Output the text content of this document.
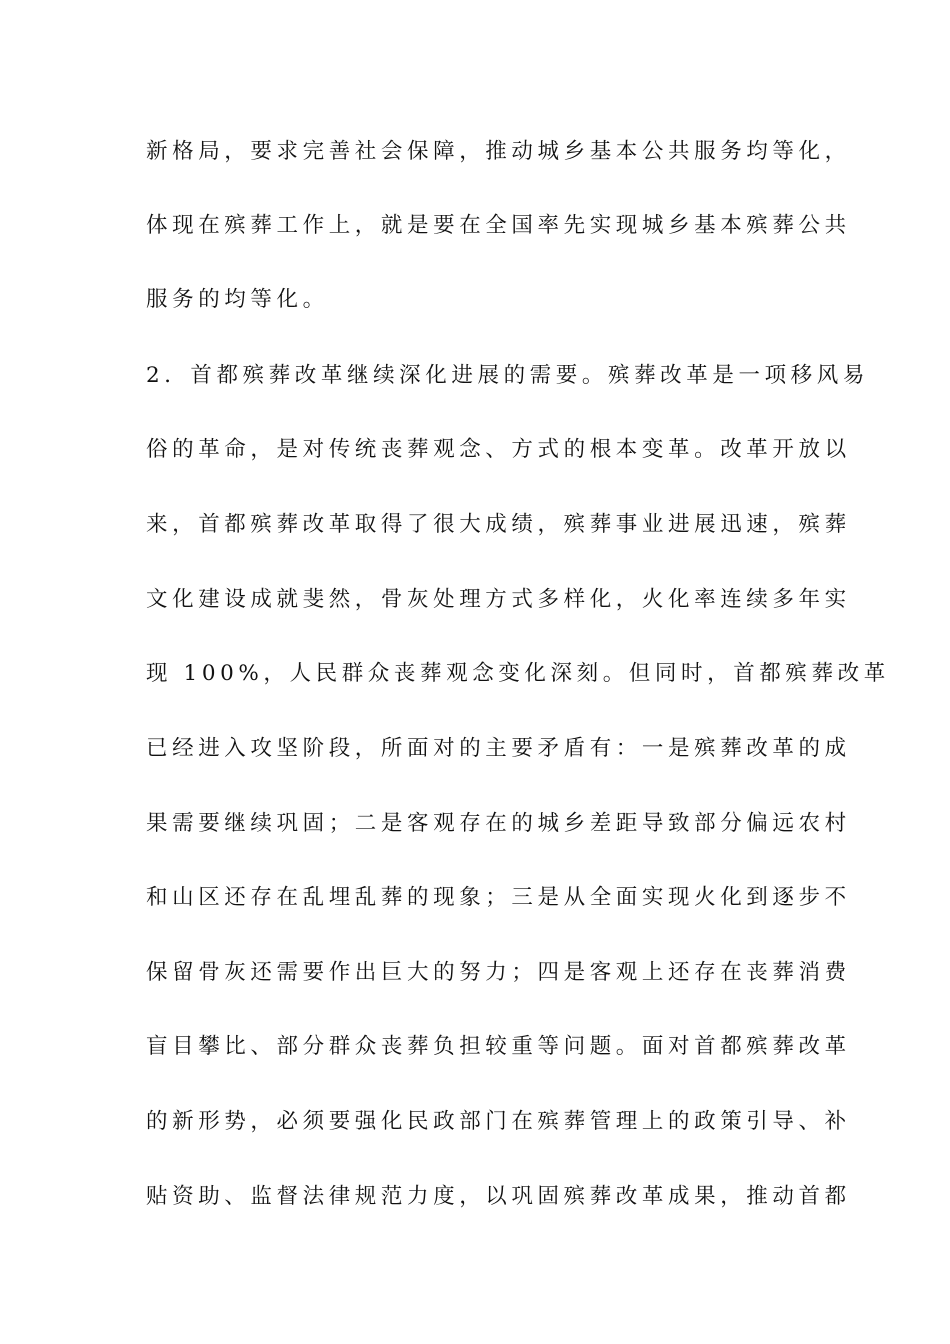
新格局，要求完善社会保障，推动城乡基本公共服务均等化，
体现在殡葬工作上，就是要在全国率先实现城乡基本殡葬公共
服务的均等化。
2．首都殡葬改革继续深化进展的需要。殡葬改革是一项移风易
俗的革命，是对传统丧葬观念、方式的根本变革。改革开放以
来，首都殡葬改革取得了很大成绩，殡葬事业进展迅速，殡葬
文化建设成就斐然，骨灰处理方式多样化，火化率连续多年实
现 100%，人民群众丧葬观念变化深刻。但同时，首都殡葬改革
已经进入攻坚阶段，所面对的主要矛盾有：一是殡葬改革的成
果需要继续巩固；二是客观存在的城乡差距导致部分偏远农村
和山区还存在乱埋乱葬的现象；三是从全面实现火化到逐步不
保留骨灰还需要作出巨大的努力；四是客观上还存在丧葬消费
盲目攀比、部分群众丧葬负担较重等问题。面对首都殡葬改革
的新形势，必须要强化民政部门在殡葬管理上的政策引导、补
贴资助、监督法律规范力度，以巩固殡葬改革成果，推动首都
